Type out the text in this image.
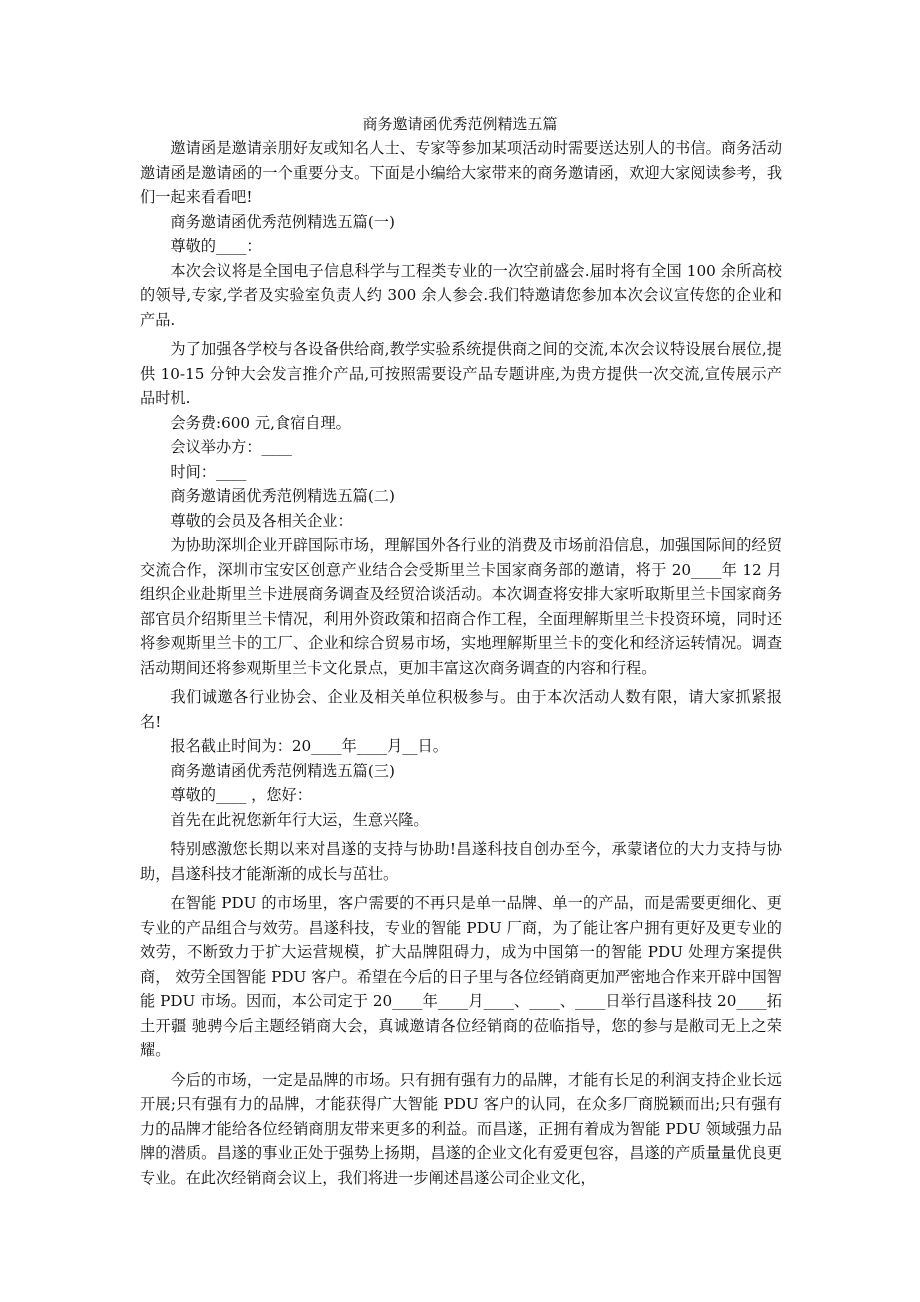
商务邀请函优秀范例精选五篇

邀请函是邀请亲朋好友或知名人士、专家等参加某项活动时需要送达别人的书信。商务活动邀请函是邀请函的一个重要分支。下面是小编给大家带来的商务邀请函，欢迎大家阅读参考，我们一起来看看吧!

商务邀请函优秀范例精选五篇(一)

尊敬的____：

本次会议将是全国电子信息科学与工程类专业的一次空前盛会.届时将有全国 100 余所高校的领导,专家,学者及实验室负责人约 300 余人参会.我们特邀请您参加本次会议宣传您的企业和产品.

为了加强各学校与各设备供给商,教学实验系统提供商之间的交流,本次会议特设展台展位,提供 10-15 分钟大会发言推介产品,可按照需要设产品专题讲座,为贵方提供一次交流,宣传展示产品时机.

会务费:600 元,食宿自理。

会议举办方：____

时间：____

商务邀请函优秀范例精选五篇(二)

尊敬的会员及各相关企业：

为协助深圳企业开辟国际市场，理解国外各行业的消费及市场前沿信息，加强国际间的经贸交流合作，深圳市宝安区创意产业结合会受斯里兰卡国家商务部的邀请，将于 20____年 12 月组织企业赴斯里兰卡进展商务调查及经贸洽谈活动。本次调查将安排大家听取斯里兰卡国家商务部官员介绍斯里兰卡情况，利用外资政策和招商合作工程，全面理解斯里兰卡投资环境，同时还将参观斯里兰卡的工厂、企业和综合贸易市场，实地理解斯里兰卡的变化和经济运转情况。调查活动期间还将参观斯里兰卡文化景点，更加丰富这次商务调查的内容和行程。

我们诚邀各行业协会、企业及相关单位积极参与。由于本次活动人数有限，请大家抓紧报名!

报名截止时间为：20____年____月__日。

商务邀请函优秀范例精选五篇(三)

尊敬的____ ，您好：

首先在此祝您新年行大运，生意兴隆。

特别感激您长期以来对昌遂的支持与协助!昌遂科技自创办至今，承蒙诸位的大力支持与协助，昌遂科技才能渐渐的成长与茁壮。

在智能 PDU 的市场里，客户需要的不再只是单一品牌、单一的产品，而是需要更细化、更专业的产品组合与效劳。昌遂科技，专业的智能 PDU 厂商，为了能让客户拥有更好及更专业的效劳，不断致力于扩大运营规模，扩大品牌阻碍力，成为中国第一的智能 PDU 处理方案提供商， 效劳全国智能 PDU 客户。希望在今后的日子里与各位经销商更加严密地合作来开辟中国智能 PDU 市场。因而，本公司定于 20____年____月____、____、____日举行昌遂科技 20____拓土开疆 驰骋今后主题经销商大会，真诚邀请各位经销商的莅临指导，您的参与是敝司无上之荣耀。

今后的市场，一定是品牌的市场。只有拥有强有力的品牌，才能有长足的利润支持企业长远开展;只有强有力的品牌，才能获得广大智能 PDU 客户的认同，在众多厂商脱颖而出;只有强有力的品牌才能给各位经销商朋友带来更多的利益。而昌遂，正拥有着成为智能 PDU 领域强力品牌的潜质。昌遂的事业正处于强势上扬期，昌遂的企业文化有爱更包容，昌遂的产质量量优良更专业。在此次经销商会议上，我们将进一步阐述昌遂公司企业文化，
